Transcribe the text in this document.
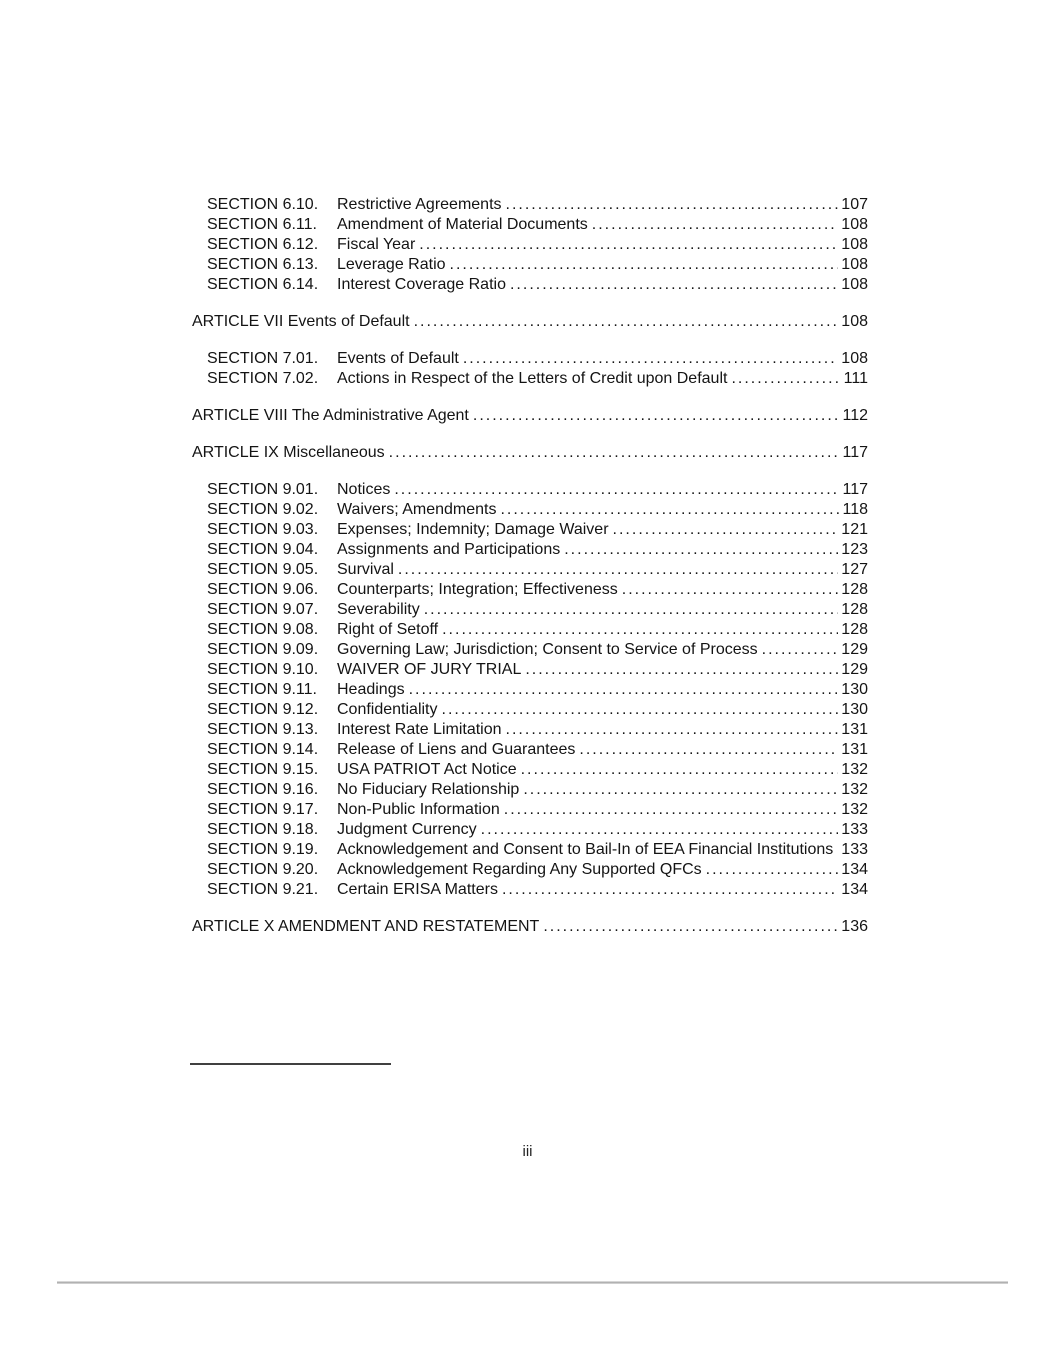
SECTION 6.10.	Restrictive Agreements .....	107
SECTION 6.11.	Amendment of Material Documents .....	108
SECTION 6.12.	Fiscal Year .....	108
SECTION 6.13.	Leverage Ratio .....	108
SECTION 6.14.	Interest Coverage Ratio .....	108
ARTICLE VII Events of Default .....	108
SECTION 7.01.	Events of Default .....	108
SECTION 7.02.	Actions in Respect of the Letters of Credit upon Default .....	111
ARTICLE VIII The Administrative Agent .....	112
ARTICLE IX Miscellaneous .....	117
SECTION 9.01.	Notices .....	117
SECTION 9.02.	Waivers; Amendments .....	118
SECTION 9.03.	Expenses; Indemnity; Damage Waiver .....	121
SECTION 9.04.	Assignments and Participations .....	123
SECTION 9.05.	Survival .....	127
SECTION 9.06.	Counterparts; Integration; Effectiveness .....	128
SECTION 9.07.	Severability .....	128
SECTION 9.08.	Right of Setoff .....	128
SECTION 9.09.	Governing Law; Jurisdiction; Consent to Service of Process .....	129
SECTION 9.10.	WAIVER OF JURY TRIAL .....	129
SECTION 9.11.	Headings .....	130
SECTION 9.12.	Confidentiality .....	130
SECTION 9.13.	Interest Rate Limitation .....	131
SECTION 9.14.	Release of Liens and Guarantees .....	131
SECTION 9.15.	USA PATRIOT Act Notice .....	132
SECTION 9.16.	No Fiduciary Relationship .....	132
SECTION 9.17.	Non-Public Information .....	132
SECTION 9.18.	Judgment Currency .....	133
SECTION 9.19.	Acknowledgement and Consent to Bail-In of EEA Financial Institutions ..... 133
SECTION 9.20.	Acknowledgement Regarding Any Supported QFCs .....	134
SECTION 9.21.	Certain ERISA Matters .....	134
ARTICLE X AMENDMENT AND RESTATEMENT .....	136
iii
